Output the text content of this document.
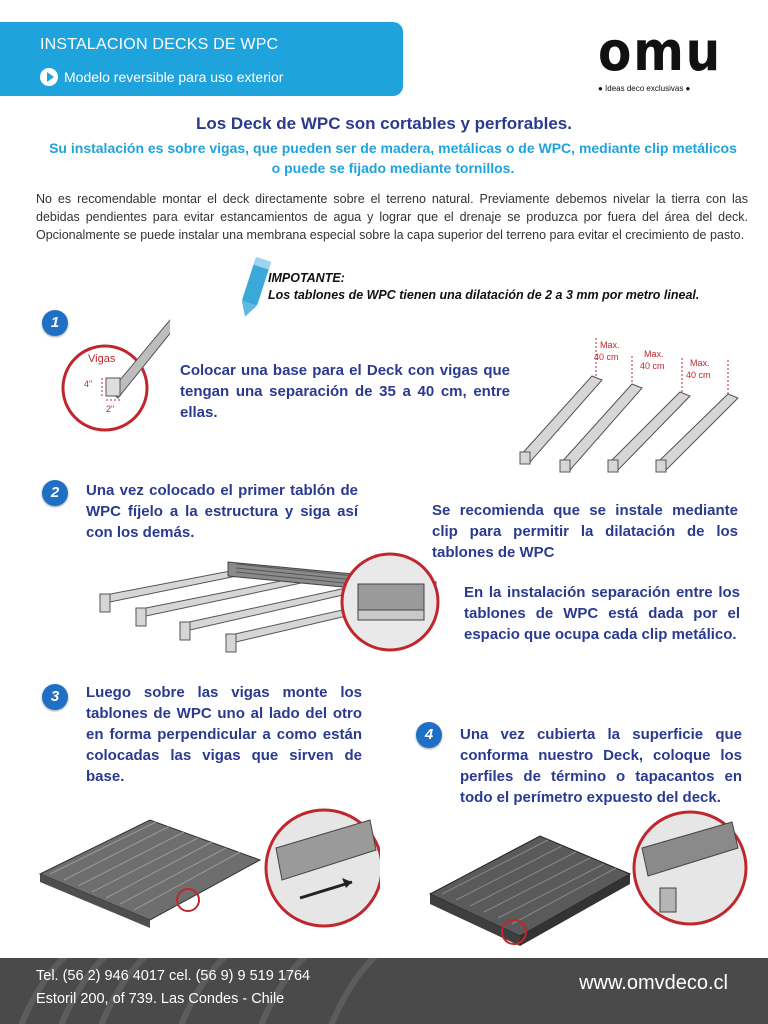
INSTALACION DECKS DE WPC
Modelo reversible para uso exterior	omu
● Ideas deco exclusivas ●
Los Deck de WPC son cortables y perforables.
Su instalación es sobre vigas, que pueden ser de madera, metálicas o de WPC, mediante clip metálicos o puede se fijado mediante tornillos.
No es recomendable montar el deck directamente sobre el terreno natural. Previamente debemos nivelar la tierra con las debidas pendientes para evitar estancamientos de agua y lograr que el drenaje se produzca por fuera del área del deck. Opcionalmente se puede instalar una membrana especial sobre la capa superior del terreno para evitar el crecimiento de pasto.
IMPOTANTE:
Los tablones de WPC tienen una dilatación de 2 a 3 mm por metro lineal.
1
Vigas
4"
2"
Colocar una base para el Deck con vigas que tengan una separación de 35 a 40 cm, entre ellas.
Max.
40 cm	Max.
40 cm	Max.
40 cm
2	Una vez colocado el primer tablón de WPC fíjelo a la estructura y siga así con los demás.
Se recomienda que se instale mediante clip para permitir la dilatación de los tablones de WPC
En la instalación separación entre los tablones de WPC está dada por el espacio que ocupa cada clip metálico.
3	Luego sobre las vigas monte los tablones de WPC uno al lado del otro en forma perpendicular a como están colocadas las vigas que sirven de base.
4	Una vez cubierta la superficie que conforma nuestro Deck, coloque los perfiles de término o tapacantos en todo el perímetro expuesto del deck.
Tel. (56 2) 946 4017 cel. (56 9) 9 519 1764
Estoril 200, of 739. Las Condes - Chile
www.omvdeco.cl
